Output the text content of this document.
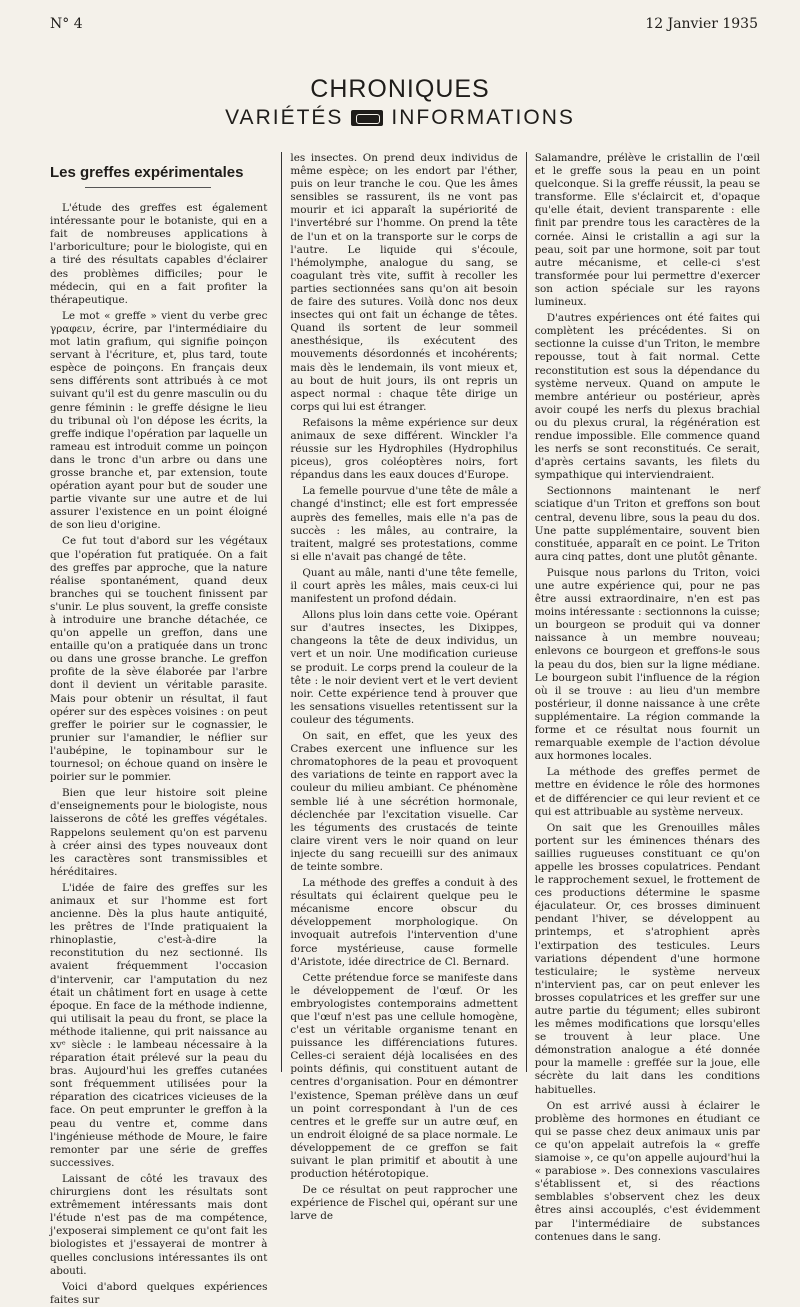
N° 4	12 Janvier 1935
CHRONIQUES
VARIÉTÉS INFORMATIONS
Les greffes expérimentales

L'étude des greffes est également intéressante pour le botaniste, qui en a fait de nombreuses applications à l'arboriculture; pour le biologiste, qui en a tiré des résultats capables d'éclairer des problèmes difficiles; pour le médecin, qui en a fait profiter la thérapeutique.

Le mot « greffe » vient du verbe grec γραφειν, écrire, par l'intermédiaire du mot latin grafium, qui signifie poinçon servant à l'écriture, et, plus tard, toute espèce de poinçons. En français deux sens différents sont attribués à ce mot suivant qu'il est du genre masculin ou du genre féminin : le greffe désigne le lieu du tribunal où l'on dépose les écrits, la greffe indique l'opération par laquelle un rameau est introduit comme un poinçon dans le tronc d'un arbre ou dans une grosse branche et, par extension, toute opération ayant pour but de souder une partie vivante sur une autre et de lui assurer l'existence en un point éloigné de son lieu d'origine.

Ce fut tout d'abord sur les végétaux que l'opération fut pratiquée. On a fait des greffes par approche, que la nature réalise spontanément, quand deux branches qui se touchent finissent par s'unir. Le plus souvent, la greffe consiste à introduire une branche détachée, ce qu'on appelle un greffon, dans une entaille qu'on a pratiquée dans un tronc ou dans une grosse branche. Le greffon profite de la sève élaborée par l'arbre dont il devient un véritable parasite. Mais pour obtenir un résultat, il faut opérer sur des espèces voisines : on peut greffer le poirier sur le cognassier, le prunier sur l'amandier, le néflier sur l'aubépine, le topinambour sur le tournesol; on échoue quand on insère le poirier sur le pommier.

Bien que leur histoire soit pleine d'enseignements pour le biologiste, nous laisserons de côté les greffes végétales. Rappelons seulement qu'on est parvenu à créer ainsi des types nouveaux dont les caractères sont transmissibles et héréditaires.

L'idée de faire des greffes sur les animaux et sur l'homme est fort ancienne. Dès la plus haute antiquité, les prêtres de l'Inde pratiquaient la rhinoplastie, c'est-à-dire la reconstitution du nez sectionné. Ils avaient fréquemment l'occasion d'intervenir, car l'amputation du nez était un châtiment fort en usage à cette époque. En face de la méthode indienne, qui utilisait la peau du front, se place la méthode italienne, qui prit naissance au xvᵉ siècle : le lambeau nécessaire à la réparation était prélevé sur la peau du bras. Aujourd'hui les greffes cutanées sont fréquemment utilisées pour la réparation des cicatrices vicieuses de la face. On peut emprunter le greffon à la peau du ventre et, comme dans l'ingénieuse méthode de Moure, le faire remonter par une série de greffes successives.

Laissant de côté les travaux des chirurgiens dont les résultats sont extrêmement intéressants mais dont l'étude n'est pas de ma compétence, j'exposerai simplement ce qu'ont fait les biologistes et j'essayerai de montrer à quelles conclusions intéressantes ils ont abouti.

Voici d'abord quelques expériences faites sur

les insectes. On prend deux individus de même espèce; on les endort par l'éther, puis on leur tranche le cou. Que les âmes sensibles se rassurent, ils ne vont pas mourir et ici apparaît la supériorité de l'invertébré sur l'homme. On prend la tête de l'un et on la transporte sur le corps de l'autre. Le liquide qui s'écoule, l'hémolymphe, analogue du sang, se coagulant très vite, suffit à recoller les parties sectionnées sans qu'on ait besoin de faire des sutures. Voilà donc nos deux insectes qui ont fait un échange de têtes. Quand ils sortent de leur sommeil anesthésique, ils exécutent des mouvements désordonnés et incohérents; mais dès le lendemain, ils vont mieux et, au bout de huit jours, ils ont repris un aspect normal : chaque tête dirige un corps qui lui est étranger.

Refaisons la même expérience sur deux animaux de sexe différent. Winckler l'a réussie sur les Hydrophiles (Hydrophilus piceus), gros coléoptères noirs, fort répandus dans les eaux douces d'Europe.

La femelle pourvue d'une tête de mâle a changé d'instinct; elle est fort empressée auprès des femelles, mais elle n'a pas de succès : les mâles, au contraire, la traitent, malgré ses protestations, comme si elle n'avait pas changé de tête.

Quant au mâle, nanti d'une tête femelle, il court après les mâles, mais ceux-ci lui manifestent un profond dédain.

Allons plus loin dans cette voie. Opérant sur d'autres insectes, les Dixippes, changeons la tête de deux individus, un vert et un noir. Une modification curieuse se produit. Le corps prend la couleur de la tête : le noir devient vert et le vert devient noir. Cette expérience tend à prouver que les sensations visuelles retentissent sur la couleur des téguments.

On sait, en effet, que les yeux des Crabes exercent une influence sur les chromatophores de la peau et provoquent des variations de teinte en rapport avec la couleur du milieu ambiant. Ce phénomène semble lié à une sécrétion hormonale, déclenchée par l'excitation visuelle. Car les téguments des crustacés de teinte claire virent vers le noir quand on leur injecte du sang recueilli sur des animaux de teinte sombre.

La méthode des greffes a conduit à des résultats qui éclairent quelque peu le mécanisme encore obscur du développement morphologique. On invoquait autrefois l'intervention d'une force mystérieuse, cause formelle d'Aristote, idée directrice de Cl. Bernard.

Cette prétendue force se manifeste dans le développement de l'œuf. Or les embryologistes contemporains admettent que l'œuf n'est pas une cellule homogène, c'est un véritable organisme tenant en puissance les différenciations futures. Celles-ci seraient déjà localisées en des points définis, qui constituent autant de centres d'organisation. Pour en démontrer l'existence, Speman prélève dans un œuf un point correspondant à l'un de ces centres et le greffe sur un autre œuf, en un endroit éloigné de sa place normale. Le développement de ce greffon se fait suivant le plan primitif et aboutit à une production hétérotopique.

De ce résultat on peut rapprocher une expérience de Fischel qui, opérant sur une larve de

Salamandre, prélève le cristallin de l'œil et le greffe sous la peau en un point quelconque. Si la greffe réussit, la peau se transforme. Elle s'éclaircit et, d'opaque qu'elle était, devient transparente : elle finit par prendre tous les caractères de la cornée. Ainsi le cristallin a agi sur la peau, soit par une hormone, soit par tout autre mécanisme, et celle-ci s'est transformée pour lui permettre d'exercer son action spéciale sur les rayons lumineux.

D'autres expériences ont été faites qui complètent les précédentes. Si on sectionne la cuisse d'un Triton, le membre repousse, tout à fait normal. Cette reconstitution est sous la dépendance du système nerveux. Quand on ampute le membre antérieur ou postérieur, après avoir coupé les nerfs du plexus brachial ou du plexus crural, la régénération est rendue impossible. Elle commence quand les nerfs se sont reconstitués. Ce serait, d'après certains savants, les filets du sympathique qui interviendraient.

Sectionnons maintenant le nerf sciatique d'un Triton et greffons son bout central, devenu libre, sous la peau du dos. Une patte supplémentaire, souvent bien constituée, apparaît en ce point. Le Triton aura cinq pattes, dont une plutôt gênante.

Puisque nous parlons du Triton, voici une autre expérience qui, pour ne pas être aussi extraordinaire, n'en est pas moins intéressante : sectionnons la cuisse; un bourgeon se produit qui va donner naissance à un membre nouveau; enlevons ce bourgeon et greffons-le sous la peau du dos, bien sur la ligne médiane. Le bourgeon subit l'influence de la région où il se trouve : au lieu d'un membre postérieur, il donne naissance à une crête supplémentaire. La région commande la forme et ce résultat nous fournit un remarquable exemple de l'action dévolue aux hormones locales.

La méthode des greffes permet de mettre en évidence le rôle des hormones et de différencier ce qui leur revient et ce qui est attribuable au système nerveux.

On sait que les Grenouilles mâles portent sur les éminences thénars des saillies rugueuses constituant ce qu'on appelle les brosses copulatrices. Pendant le rapprochement sexuel, le frottement de ces productions détermine le spasme éjaculateur. Or, ces brosses diminuent pendant l'hiver, se développent au printemps, et s'atrophient après l'extirpation des testicules. Leurs variations dépendent d'une hormone testiculaire; le système nerveux n'intervient pas, car on peut enlever les brosses copulatrices et les greffer sur une autre partie du tégument; elles subiront les mêmes modifications que lorsqu'elles se trouvent à leur place. Une démonstration analogue a été donnée pour la mamelle : greffée sur la joue, elle sécrète du lait dans les conditions habituelles.

On est arrivé aussi à éclairer le problème des hormones en étudiant ce qui se passe chez deux animaux unis par ce qu'on appelait autrefois la « greffe siamoise », ce qu'on appelle aujourd'hui la « parabiose ». Des connexions vasculaires s'établissent et, si des réactions semblables s'observent chez les deux êtres ainsi accouplés, c'est évidemment par l'intermédiaire de substances contenues dans le sang.
